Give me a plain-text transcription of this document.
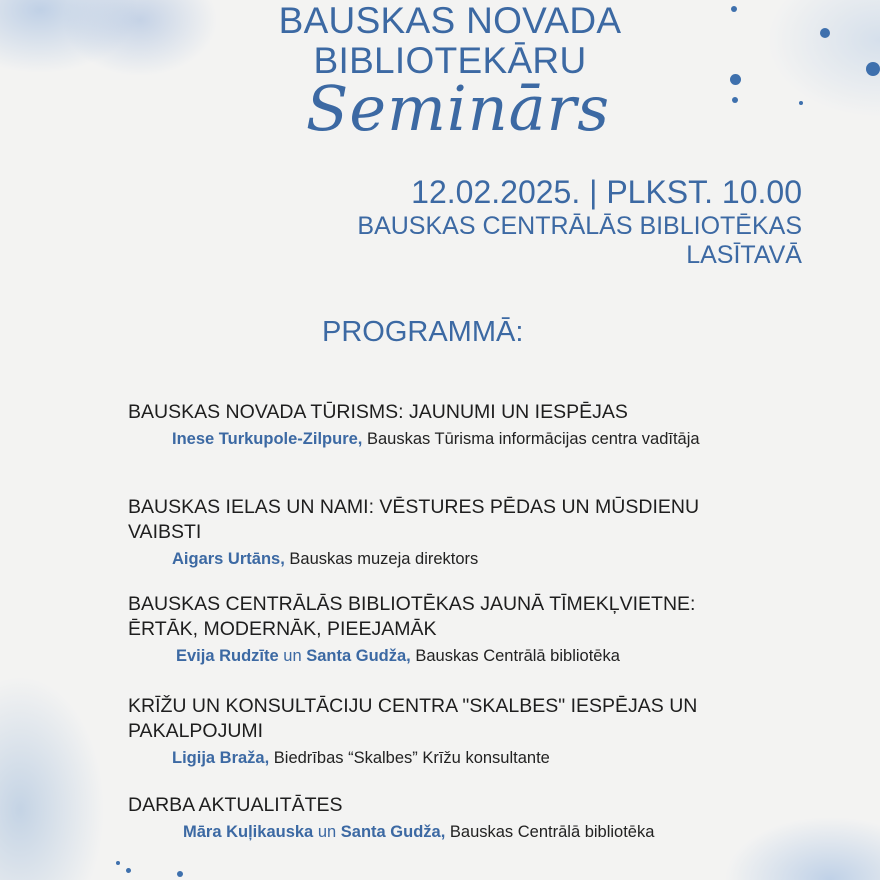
BAUSKAS NOVADA
BIBLIOTEKĀRU
Seminārs
12.02.2025. | PLKST. 10.00
BAUSKAS CENTRĀLĀS BIBLIOTĒKAS
LASĪTAVĀ
PROGRAMMĀ:
BAUSKAS NOVADA TŪRISMS: JAUNUMI UN IESPĒJAS
Inese Turkupole-Zilpure, Bauskas Tūrisma informācijas centra vadītāja
BAUSKAS IELAS UN NAMI: VĒSTURES PĒDAS UN MŪSDIENU VAIBSTI
Aigars Urtāns, Bauskas muzeja direktors
BAUSKAS CENTRĀLĀS BIBLIOTĒKAS JAUNĀ TĪMEKĻVIETNE: ĒRTĀK, MODERNĀK, PIEEJAMĀK
Evija Rudzīte un Santa Gudža, Bauskas Centrālā bibliotēka
KRĪŽU UN KONSULTĀCIJU CENTRA "SKALBES" IESPĒJAS UN PAKALPOJUMI
Ligija Braža, Biedrības “Skalbes” Krīžu konsultante
DARBA AKTUALITĀTES
Māra Kuļikauska un Santa Gudža, Bauskas Centrālā bibliotēka
